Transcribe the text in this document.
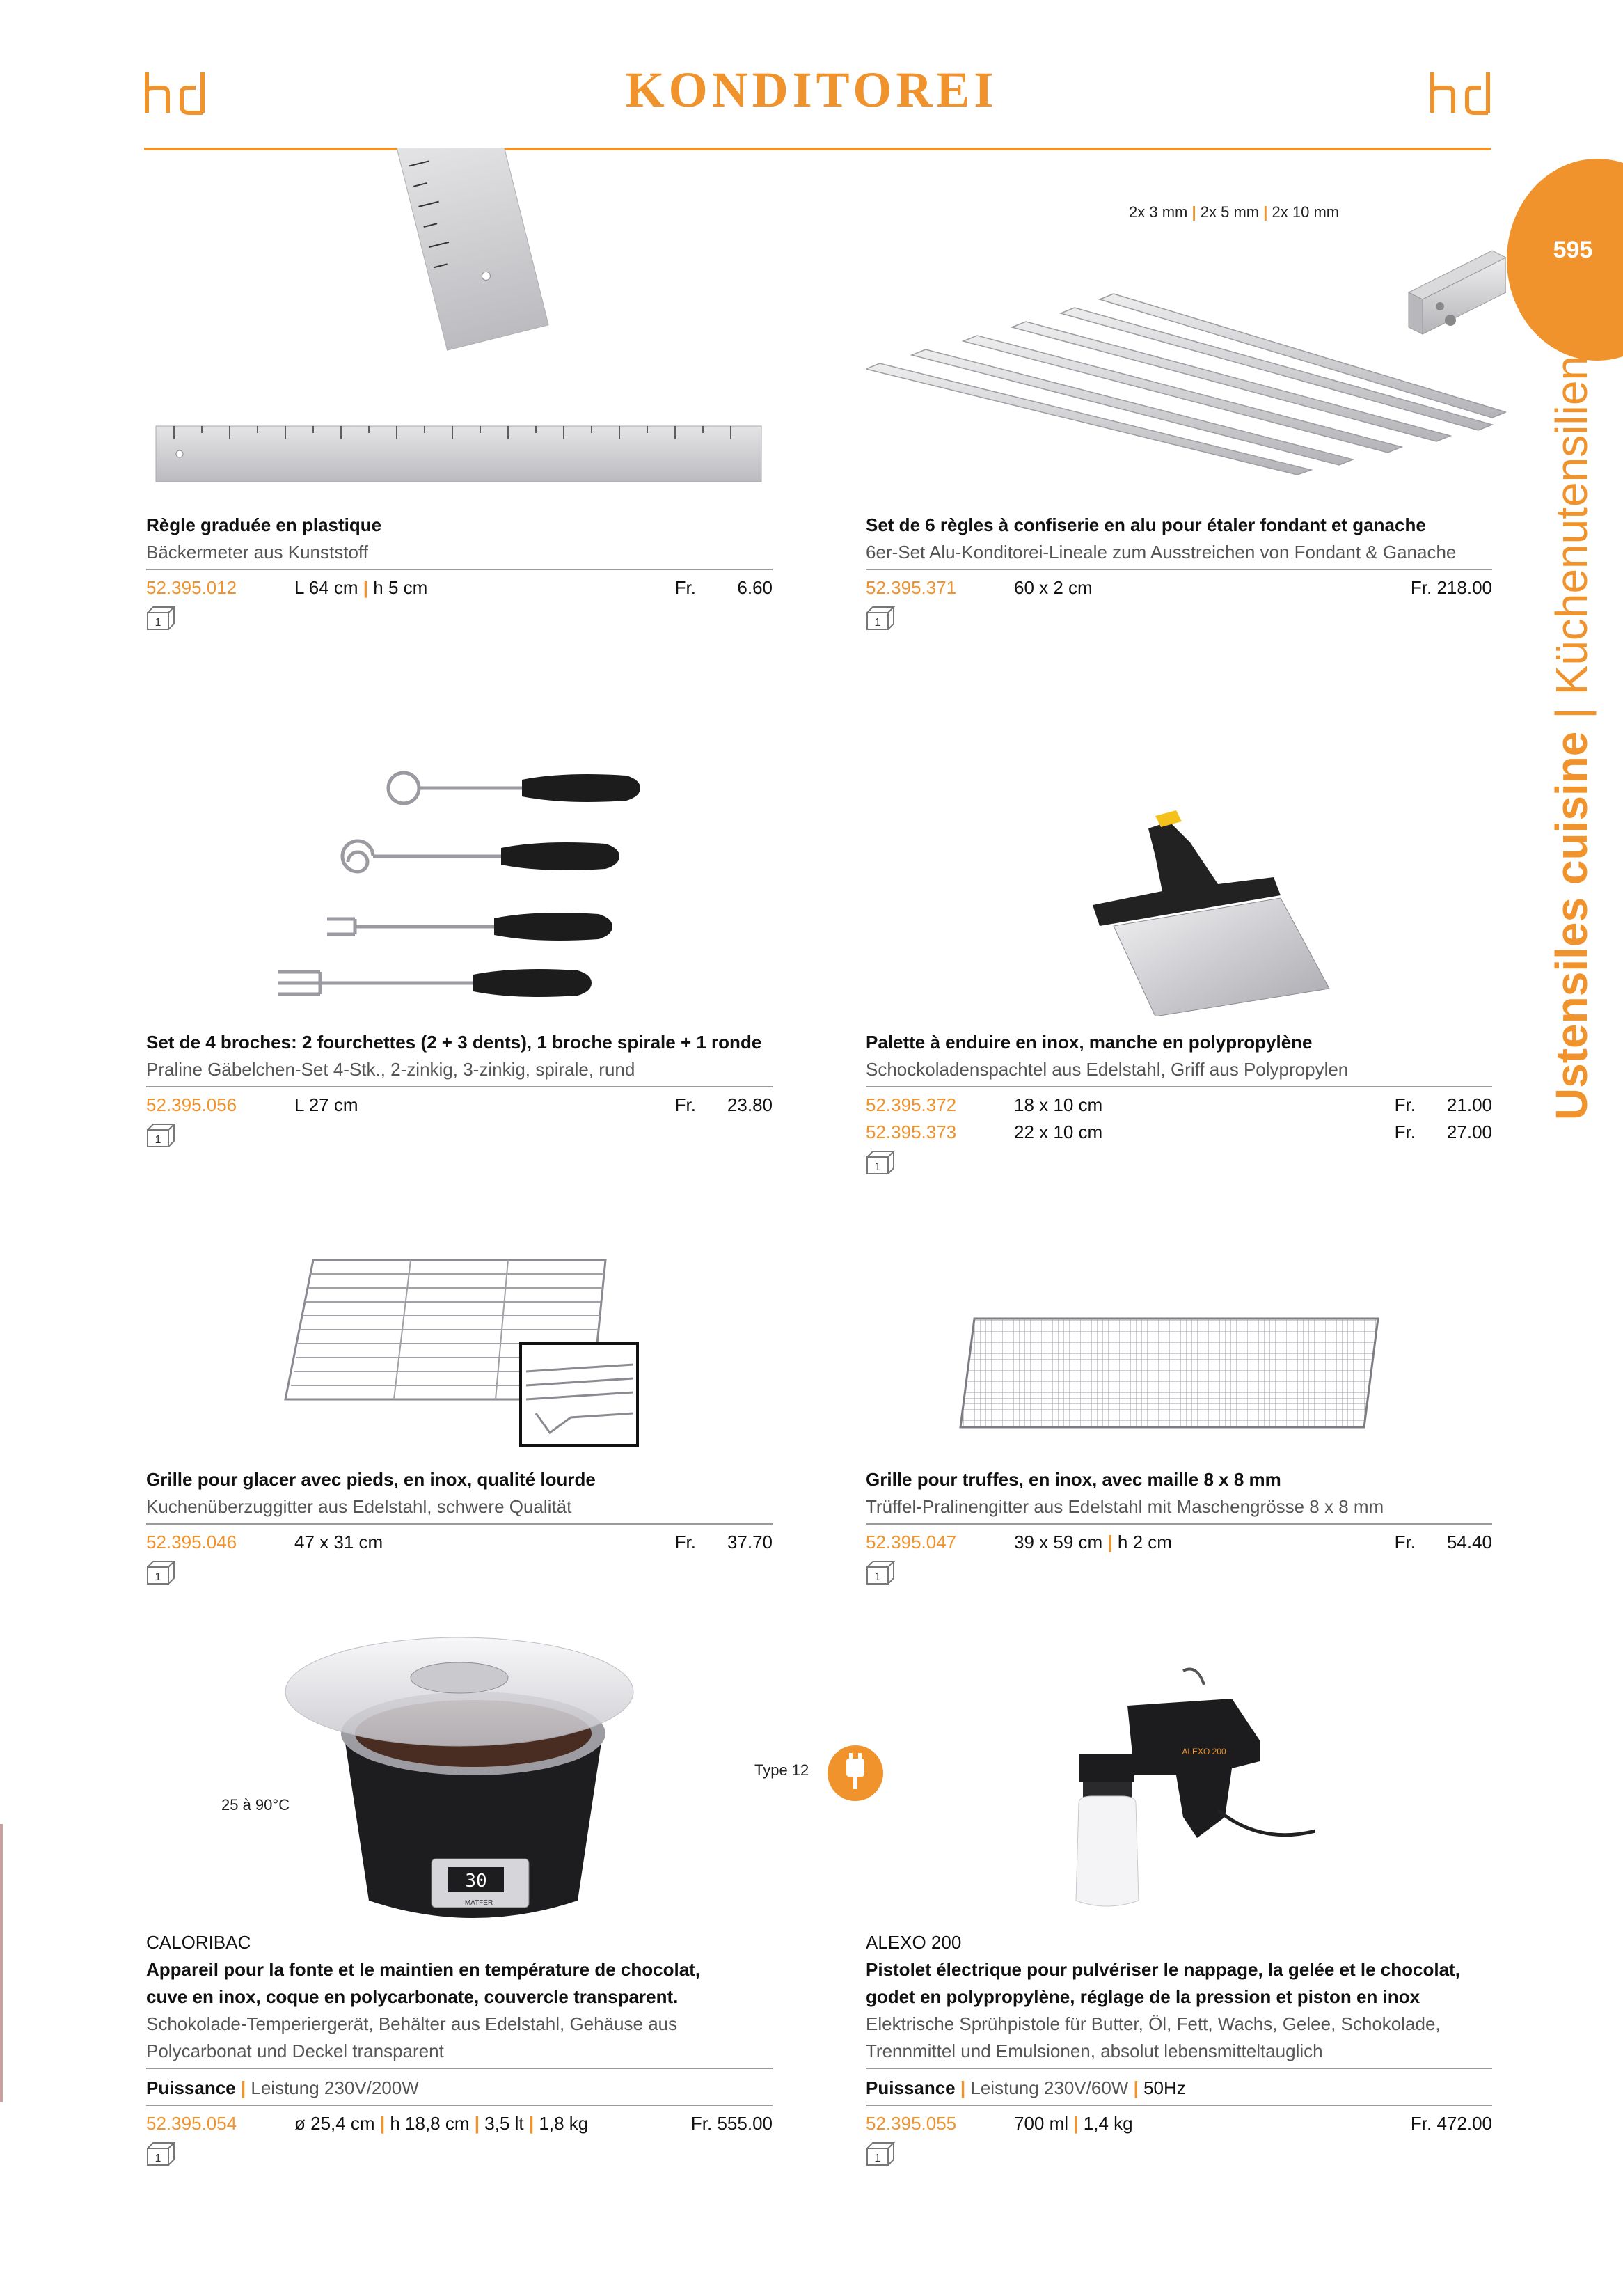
KONDITOREI
595
Ustensiles cuisine | Küchenutensilien
2x 3 mm | 2x 5 mm | 2x 10 mm
30
MATFER
25 à 90°C
Type 12
ALEXO 200
Règle graduée en plastique
Bäckermeter aus Kunststoff
52.395.012	L 64 cm | h 5 cm	Fr. 6.60
1
Set de 6 règles à confiserie en alu pour étaler fondant et ganache
6er-Set Alu-Konditorei-Lineale zum Ausstreichen von Fondant & Ganache
52.395.371	60 x 2 cm	Fr. 218.00
1
Set de 4 broches: 2 fourchettes (2 + 3 dents), 1 broche spirale + 1 ronde
Praline Gäbelchen-Set 4-Stk., 2-zinkig, 3-zinkig, spirale, rund
52.395.056	L 27 cm	Fr. 23.80
1
Palette à enduire en inox, manche en polypropylène
Schockoladenspachtel aus Edelstahl, Griff aus Polypropylen
52.395.372	18 x 10 cm	Fr. 21.00
52.395.373	22 x 10 cm	Fr. 27.00
1
Grille pour glacer avec pieds, en inox, qualité lourde
Kuchenüberzuggitter aus Edelstahl, schwere Qualität
52.395.046	47 x 31 cm	Fr. 37.70
1
Grille pour truffes, en inox, avec maille 8 x 8 mm
Trüffel-Pralinengitter aus Edelstahl mit Maschengrösse 8 x 8 mm
52.395.047	39 x 59 cm | h 2 cm	Fr. 54.40
1
CALORIBAC
Appareil pour la fonte et le maintien en température de chocolat,
cuve en inox, coque en polycarbonate, couvercle transparent.
Schokolade-Temperiergerät, Behälter aus Edelstahl, Gehäuse aus
Polycarbonat und Deckel transparent
Puissance | Leistung 230V/200W
52.395.054	ø 25,4 cm | h 18,8 cm | 3,5 lt | 1,8 kg	Fr. 555.00
1
ALEXO 200
Pistolet électrique pour pulvériser le nappage, la gelée et le chocolat,
godet en polypropylène, réglage de la pression et piston en inox
Elektrische Sprühpistole für Butter, Öl, Fett, Wachs, Gelee, Schokolade,
Trennmittel und Emulsionen, absolut lebensmitteltauglich
Puissance | Leistung 230V/60W | 50Hz
52.395.055	700 ml | 1,4 kg	Fr. 472.00
1
